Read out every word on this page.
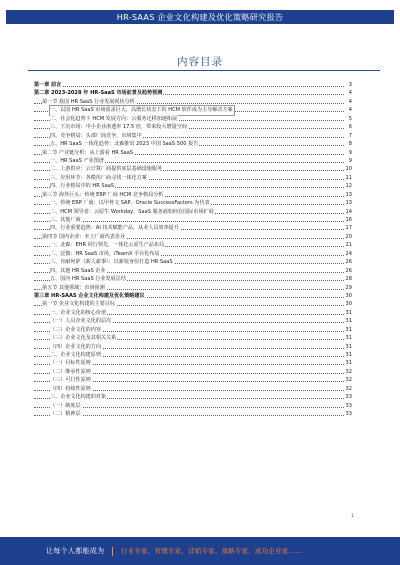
HR-SAAS 企业文化构建及优化策略研究报告
内容目录
第一章 前言	3
第二章 2023-2028 年 HR-SaaS 市场前景及趋势预测	4
第一节 我国 HR SaaS 行业发展现状分析	4
一、以国 HR SaaS 市场需求巨大，高增长状态下的 HCM 软件成为主导解决方案	4
二、社会化趋势下 HCM 发展方向：云服务迁移加速拓展	5
三、下沉市场：中小企业渗透率 17.5 倍，带来较大增量空间	6
四、竞争格局：头部厂商竞争，市场集中	7
五、HR SaaS 一体化趋势：北森推出 2023 中国 SaaS 500 报告	8
第二节 产业链分析：从上游看 HR SaaS	9
一、HR SaaS 产业图谱	9
二、上游供应：云计算厂商提供底层基础设施服务	10
三、应用环节：各模块厂商寻找一体化方案	11
四、行业格局中的 HR SaaS	12
第三节 海外巨头：传统 ERP 厂商 HCM 竞争格局分析	13
一、传统 ERP 厂商：以甲骨文 SAP、Oracle SuccessFactors 为代表	13
二、HCM 领导者：云原生 Workday、SaaS 服务商如何在国际市场扩展	14
三、其他厂商	16
四、行业重要趋势：AI 技术赋能产品，从业人员效率提升	17
第四节 国内企业：本土厂商代表企业	20
一、北森：EHR 同行领先，一体化云原生产品布局	21
二、泛微：HR SaaS 市场，iTeamX 平台化布局	24
三、肯耐珂萨（薪人薪事）：以新锐身份打造 HR SaaS	26
四、其他 HR SaaS 企业	26
五、国内 HR SaaS 行业发展总结	28
第五节 其他领域：市场预测	29
第三章 HR-SAAS 企业文化构建及优化策略建议	30
第一节 企业文化构建的主要目标	30
一、企业文化的核心价值	31
（一）人员企业文化的层次	31
（二）企业文化的内容	31
（三）企业文化及其相关关系	31
（四）企业文化的方向	31
二、企业文化构建原则	31
（一）目标性原则	31
（二）继承性原则	32
（三）可行性原则	32
（四）持续性原则	32
三、企业文化构建的对象	33
（一）制度层	33
（二）精神层	33
1
让每个人都能成为	行业专家、管理专家、营销专家、战略专家、成功企业家......
